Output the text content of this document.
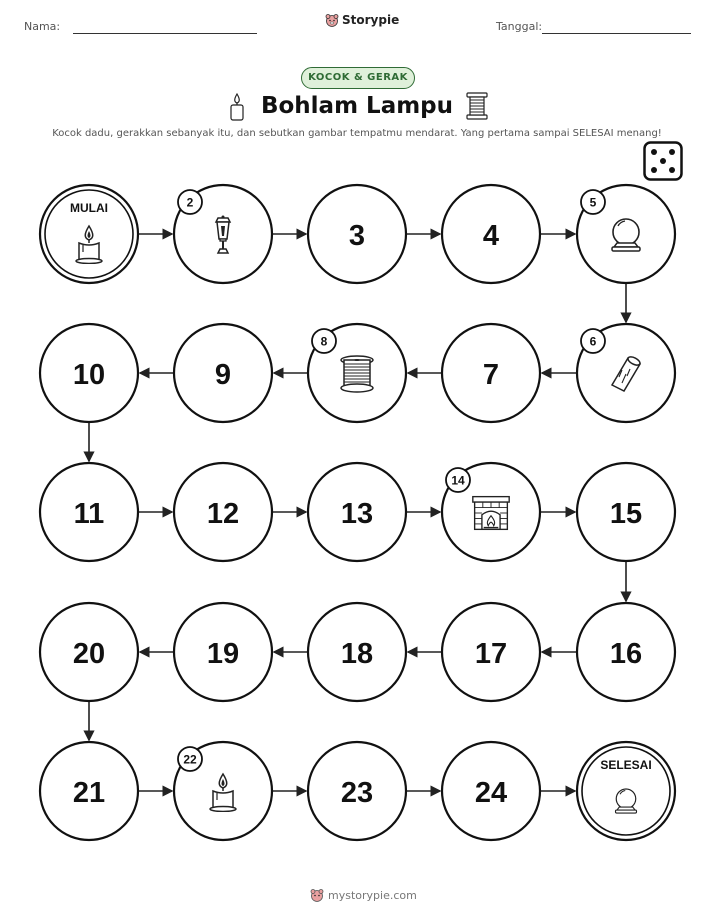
Nama:	Storypie	Tanggal:
KOCOK & GERAK
Bohlam Lampu
Kocok dadu, gerakkan sebanyak itu, dan sebutkan gambar tempatmu mendarat. Yang pertama sampai SELESAI menang!
MULAI	2
3	4
5
6
7
8
9
10
11	12	13
14
15
16
17
18
19
20
21
22
23	24
SELESAI
mystorypie.com
